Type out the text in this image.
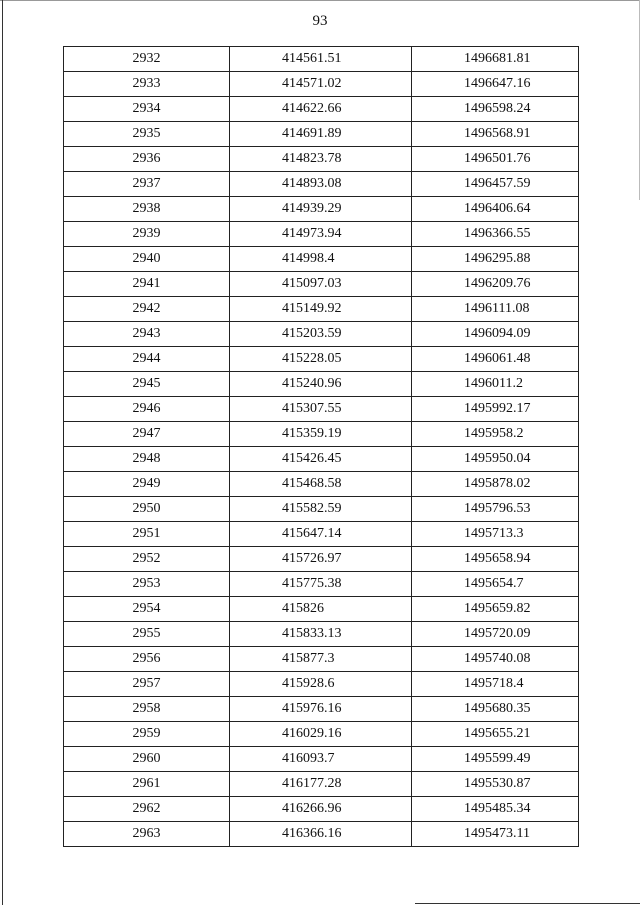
93
2932	414561.51	1496681.81
2933	414571.02	1496647.16
2934	414622.66	1496598.24
2935	414691.89	1496568.91
2936	414823.78	1496501.76
2937	414893.08	1496457.59
2938	414939.29	1496406.64
2939	414973.94	1496366.55
2940	414998.4	1496295.88
2941	415097.03	1496209.76
2942	415149.92	1496111.08
2943	415203.59	1496094.09
2944	415228.05	1496061.48
2945	415240.96	1496011.2
2946	415307.55	1495992.17
2947	415359.19	1495958.2
2948	415426.45	1495950.04
2949	415468.58	1495878.02
2950	415582.59	1495796.53
2951	415647.14	1495713.3
2952	415726.97	1495658.94
2953	415775.38	1495654.7
2954	415826	1495659.82
2955	415833.13	1495720.09
2956	415877.3	1495740.08
2957	415928.6	1495718.4
2958	415976.16	1495680.35
2959	416029.16	1495655.21
2960	416093.7	1495599.49
2961	416177.28	1495530.87
2962	416266.96	1495485.34
2963	416366.16	1495473.11
